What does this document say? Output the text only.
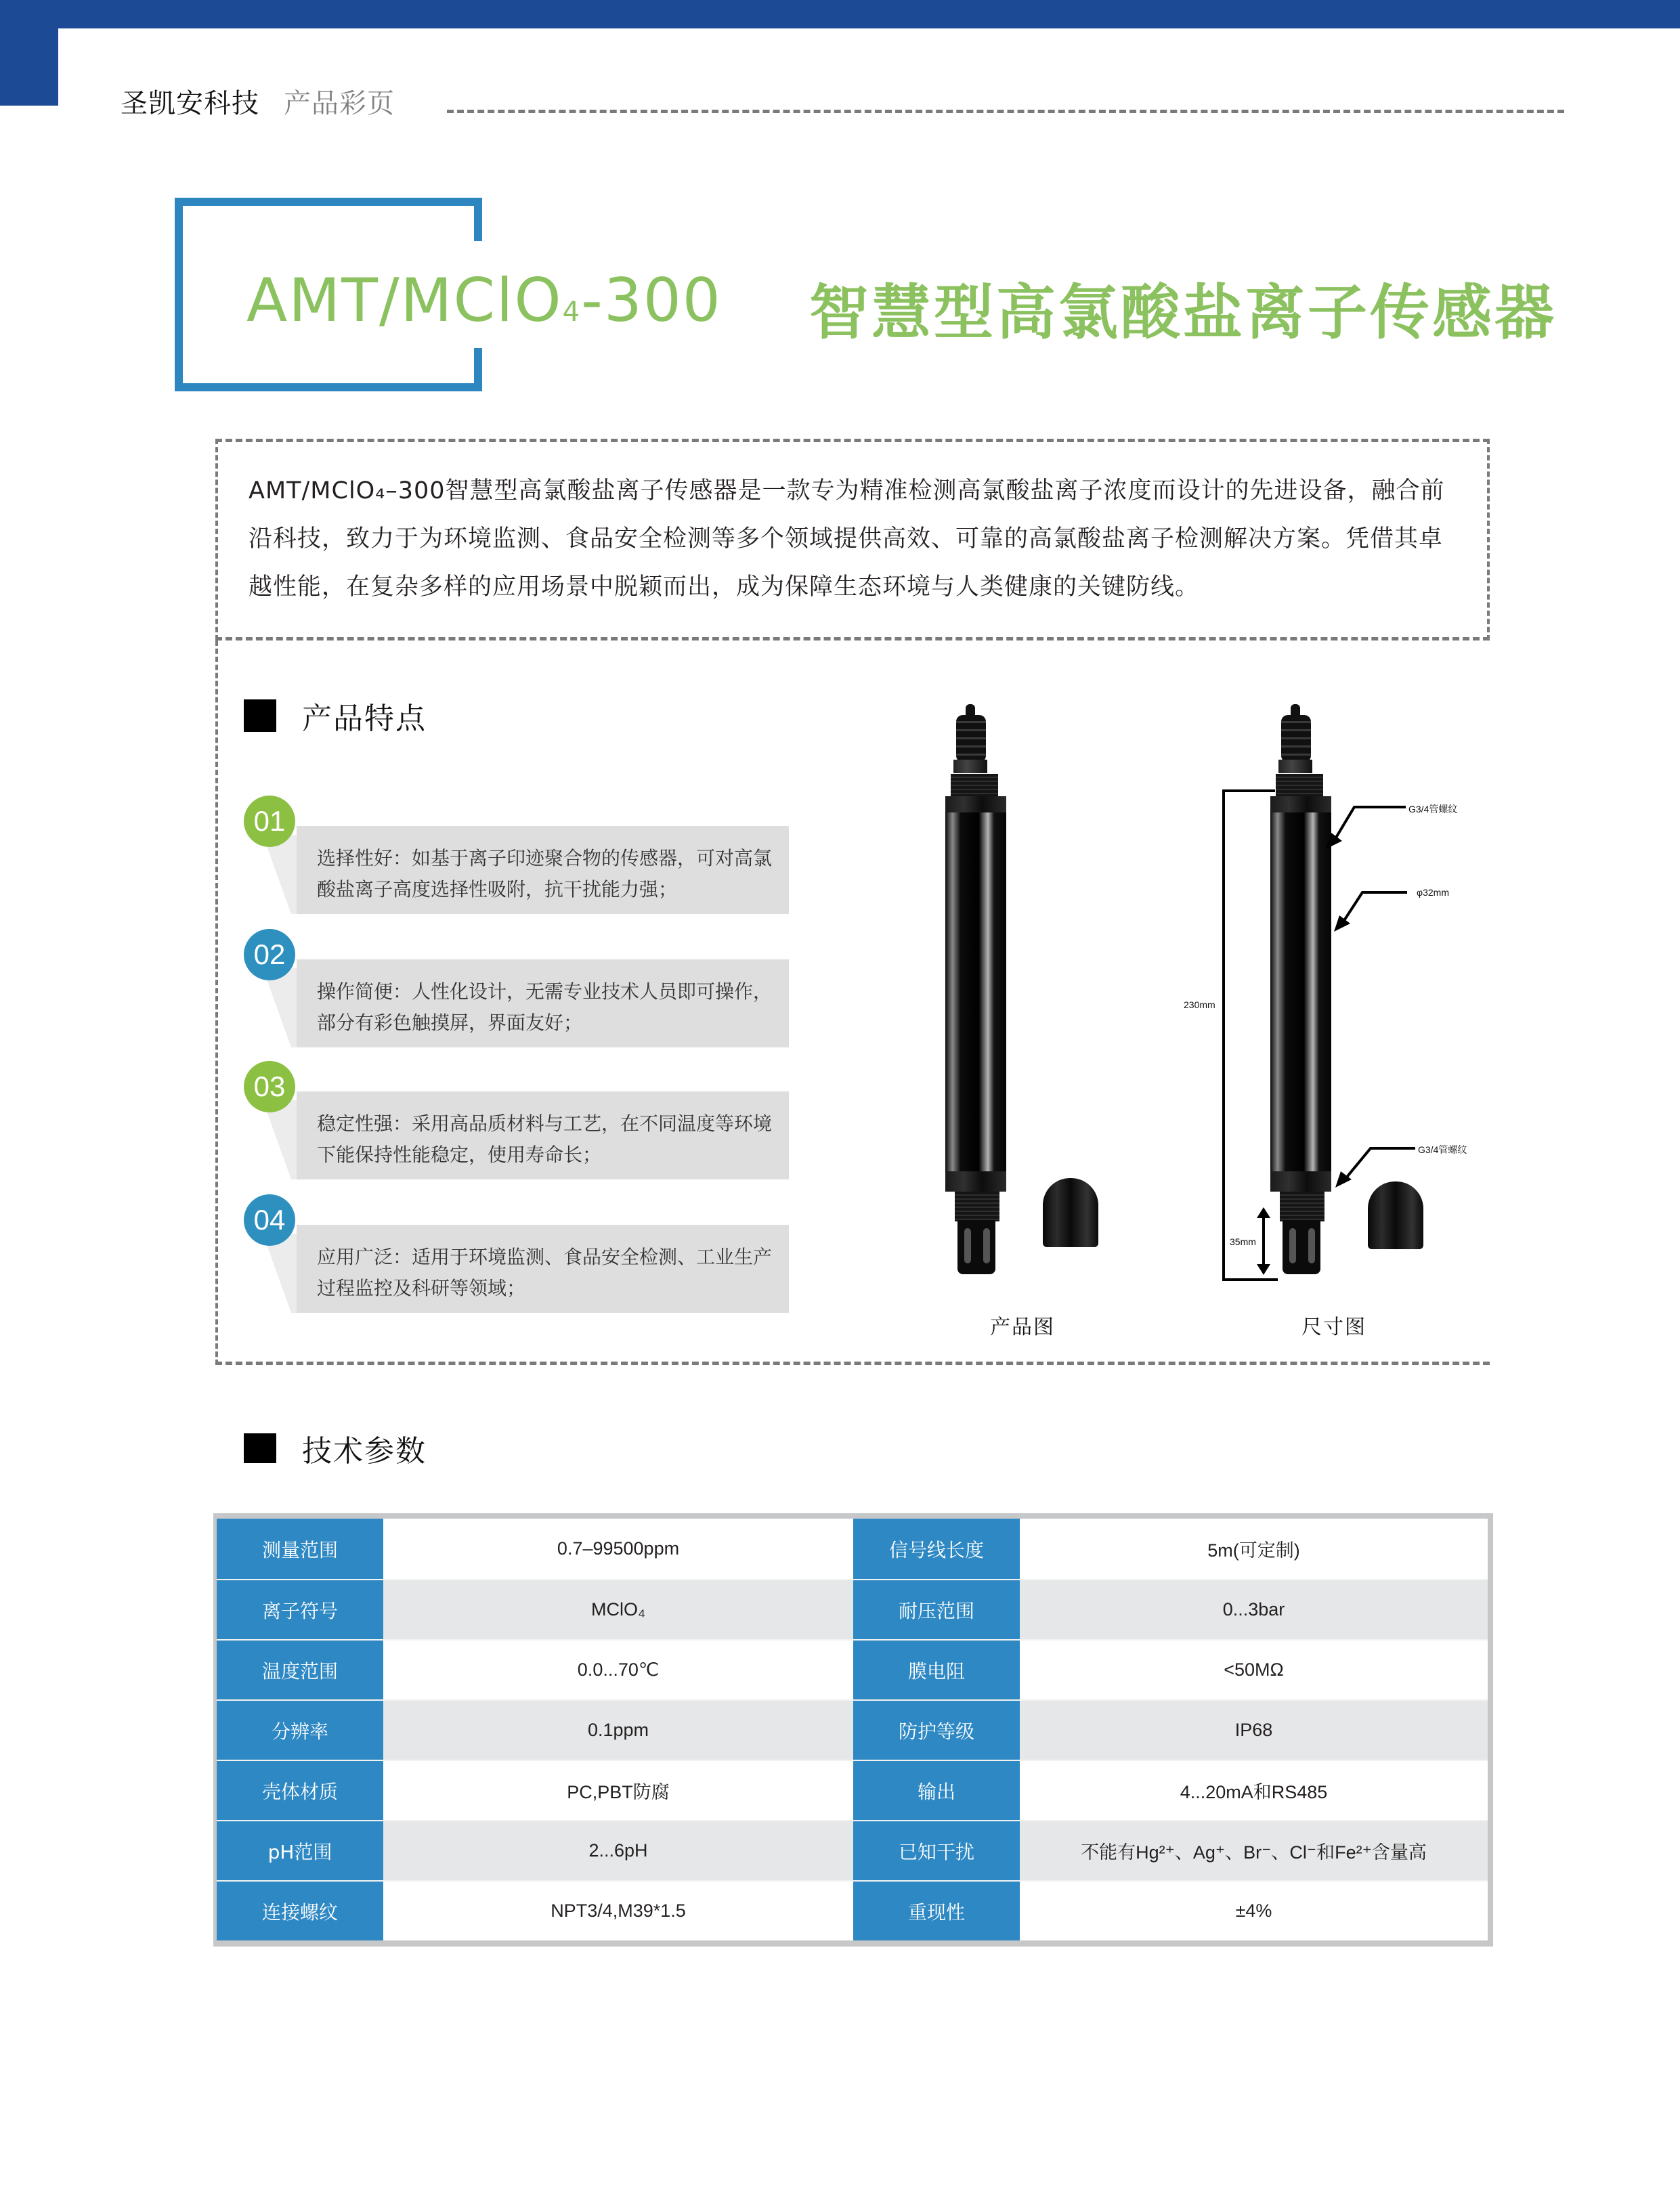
圣凯安科技 产品彩页
AMT/MClO4-300 智慧型高氯酸盐离子传感器

AMT/MClO₄–300智慧型高氯酸盐离子传感器是一款专为精准检测高氯酸盐离子浓度而设计的先进设备，融合前沿科技，致力于为环境监测、食品安全检测等多个领域提供高效、可靠的高氯酸盐离子检测解决方案。凭借其卓越性能，在复杂多样的应用场景中脱颖而出，成为保障生态环境与人类健康的关键防线。

产品特点
01
选择性好：如基于离子印迹聚合物的传感器，可对高氯酸盐离子高度选择性吸附，抗干扰能力强；
02
操作简便：人性化设计，无需专业技术人员即可操作，部分有彩色触摸屏，界面友好；
03
稳定性强：采用高品质材料与工艺，在不同温度等环境下能保持性能稳定，使用寿命长；
04
应用广泛：适用于环境监测、食品安全检测、工业生产过程监控及科研等领域；
产品图
230mm
35mm
G3/4管螺纹
φ32mm
G3/4管螺纹
尺寸图
技术参数
测量范围	0.7–99500ppm	信号线长度	5m(可定制)
离子符号	MClO₄	耐压范围	0...3bar
温度范围	0.0...70℃	膜电阻	<50MΩ
分辨率	0.1ppm	防护等级	IP68
壳体材质	PC,PBT防腐	输出	4...20mA和RS485
pH范围	2...6pH	已知干扰	不能有Hg²⁺、Ag⁺、Br⁻、Cl⁻和Fe²⁺含量高
连接螺纹	NPT3/4,M39*1.5	重现性	±4%
